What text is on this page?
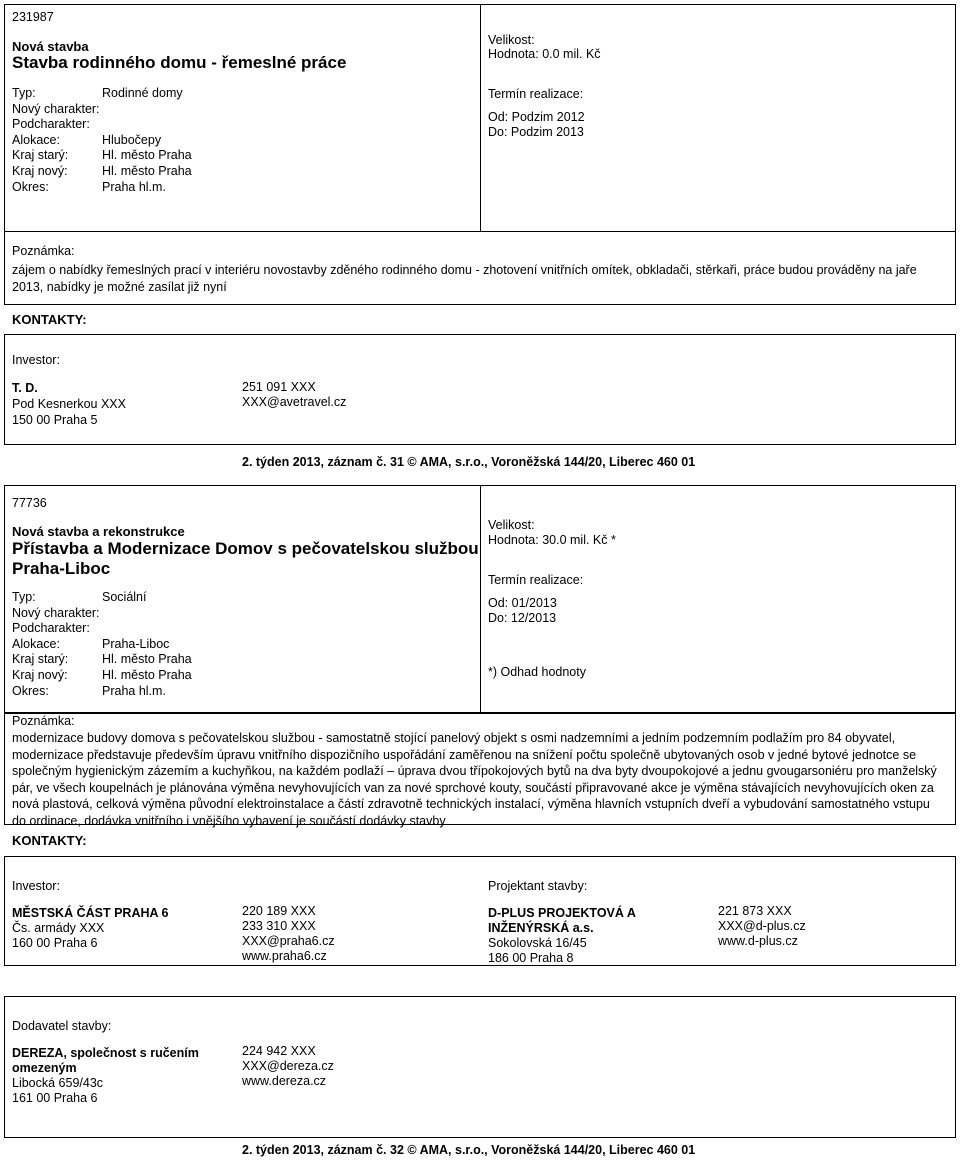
231987
Nová stavba
Stavba rodinného domu - řemeslné práce
Typ:	Rodinné domy
Nový charakter:
Podcharakter:
Alokace:	Hlubočepy
Kraj starý:	Hl. město Praha
Kraj nový:	Hl. město Praha
Okres:	Praha hl.m.
Velikost:
Hodnota: 0.0 mil. Kč
Termín realizace:
Od: Podzim 2012
Do: Podzim 2013
Poznámka:
zájem o nabídky řemeslných prací v interiéru novostavby zděného rodinného domu - zhotovení vnitřních omítek, obkladači, stěrkaři, práce budou prováděny na jaře 2013, nabídky je možné zasílat již nyní
KONTAKTY:
Investor:
T. D.
Pod Kesnerkou XXX
150 00 Praha 5
251 091 XXX
XXX@avetravel.cz
2. týden 2013, záznam č. 31 © AMA, s.r.o., Voroněžská 144/20, Liberec 460 01
77736
Nová stavba a rekonstrukce
Přístavba a Modernizace Domov s pečovatelskou službou
Praha-Liboc
Typ:	Sociální
Nový charakter:
Podcharakter:
Alokace:	Praha-Liboc
Kraj starý:	Hl. město Praha
Kraj nový:	Hl. město Praha
Okres:	Praha hl.m.
Velikost:
Hodnota: 30.0 mil. Kč *
Termín realizace:
Od: 01/2013
Do: 12/2013
*) Odhad hodnoty
Poznámka:
modernizace budovy domova s pečovatelskou službou - samostatně stojící panelový objekt s osmi nadzemními a jedním podzemním podlažím pro 84 obyvatel, modernizace představuje především úpravu vnitřního dispozičního uspořádání zaměřenou na snížení počtu společně ubytovaných osob v jedné bytové jednotce se společným hygienickým zázemím a kuchyňkou, na každém podlaží – úprava dvou třípokojových bytů na dva byty dvoupokojové a jednu gvougarsoniéru pro manželský pár, ve všech koupelnách je plánována výměna nevyhovujících van za nové sprchové kouty, součástí připravované akce je výměna stávajících nevyhovujících oken za nová plastová, celková výměna původní elektroinstalace a částí zdravotně technických instalací, výměna hlavních vstupních dveří a vybudování samostatného vstupu do ordinace, dodávka vnitřního i vnějšího vybavení je součástí dodávky stavby
KONTAKTY:
Investor:
MĚSTSKÁ ČÁST PRAHA 6
Čs. armády XXX
160 00 Praha 6
220 189 XXX
233 310 XXX
XXX@praha6.cz
www.praha6.cz
Projektant stavby:
D-PLUS PROJEKTOVÁ A
INŽENÝRSKÁ a.s.
Sokolovská 16/45
186 00 Praha 8
221 873 XXX
XXX@d-plus.cz
www.d-plus.cz
Dodavatel stavby:
DEREZA, společnost s ručením
omezeným
Libocká 659/43c
161 00 Praha 6
224 942 XXX
XXX@dereza.cz
www.dereza.cz
2. týden 2013, záznam č. 32 © AMA, s.r.o., Voroněžská 144/20, Liberec 460 01
